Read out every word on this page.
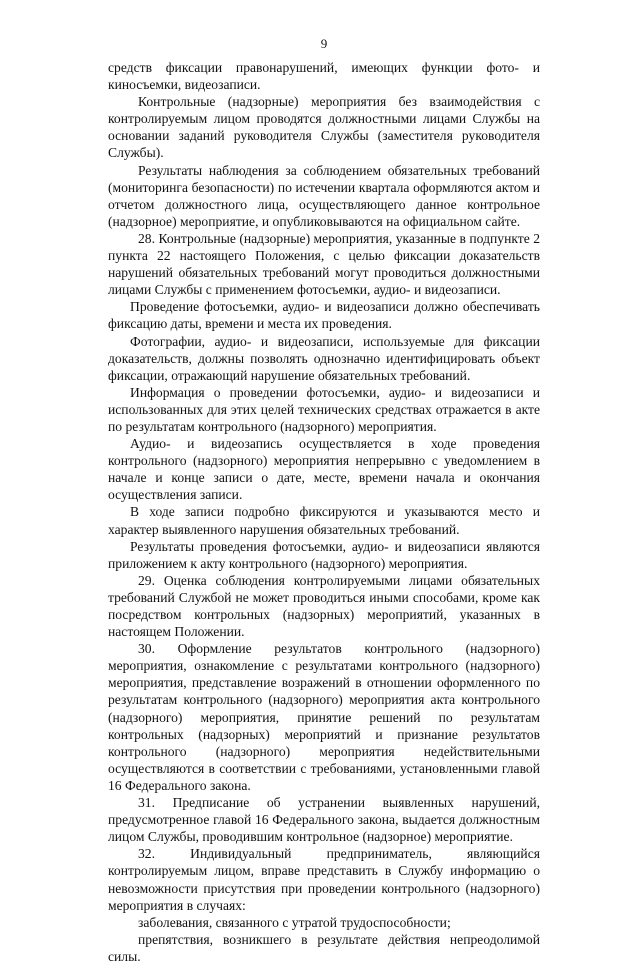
9

средств фиксации правонарушений, имеющих функции фото- и киносъемки, видеозаписи.

Контрольные (надзорные) мероприятия без взаимодействия с контролируемым лицом проводятся должностными лицами Службы на основании заданий руководителя Службы (заместителя руководителя Службы).

Результаты наблюдения за соблюдением обязательных требований (мониторинга безопасности) по истечении квартала оформляются актом и отчетом должностного лица, осуществляющего данное контрольное (надзорное) мероприятие, и опубликовываются на официальном сайте.

28. Контрольные (надзорные) мероприятия, указанные в подпункте 2 пункта 22 настоящего Положения, с целью фиксации доказательств нарушений обязательных требований могут проводиться должностными лицами Службы с применением фотосъемки, аудио- и видеозаписи.

Проведение фотосъемки, аудио- и видеозаписи должно обеспечивать фиксацию даты, времени и места их проведения.

Фотографии, аудио- и видеозаписи, используемые для фиксации доказательств, должны позволять однозначно идентифицировать объект фиксации, отражающий нарушение обязательных требований.

Информация о проведении фотосъемки, аудио- и видеозаписи и использованных для этих целей технических средствах отражается в акте по результатам контрольного (надзорного) мероприятия.

Аудио- и видеозапись осуществляется в ходе проведения контрольного (надзорного) мероприятия непрерывно с уведомлением в начале и конце записи о дате, месте, времени начала и окончания осуществления записи.

В ходе записи подробно фиксируются и указываются место и характер выявленного нарушения обязательных требований.

Результаты проведения фотосъемки, аудио- и видеозаписи являются приложением к акту контрольного (надзорного) мероприятия.

29. Оценка соблюдения контролируемыми лицами обязательных требований Службой не может проводиться иными способами, кроме как посредством контрольных (надзорных) мероприятий, указанных в настоящем Положении.

30. Оформление результатов контрольного (надзорного) мероприятия, ознакомление с результатами контрольного (надзорного) мероприятия, представление возражений в отношении оформленного по результатам контрольного (надзорного) мероприятия акта контрольного (надзорного) мероприятия, принятие решений по результатам контрольных (надзорных) мероприятий и признание результатов контрольного (надзорного) мероприятия недействительными осуществляются в соответствии с требованиями, установленными главой 16 Федерального закона.

31. Предписание об устранении выявленных нарушений, предусмотренное главой 16 Федерального закона, выдается должностным лицом Службы, проводившим контрольное (надзорное) мероприятие.

32. Индивидуальный предприниматель, являющийся контролируемым лицом, вправе представить в Службу информацию о невозможности присутствия при проведении контрольного (надзорного) мероприятия в случаях:

заболевания, связанного с утратой трудоспособности;

препятствия, возникшего в результате действия непреодолимой силы.
